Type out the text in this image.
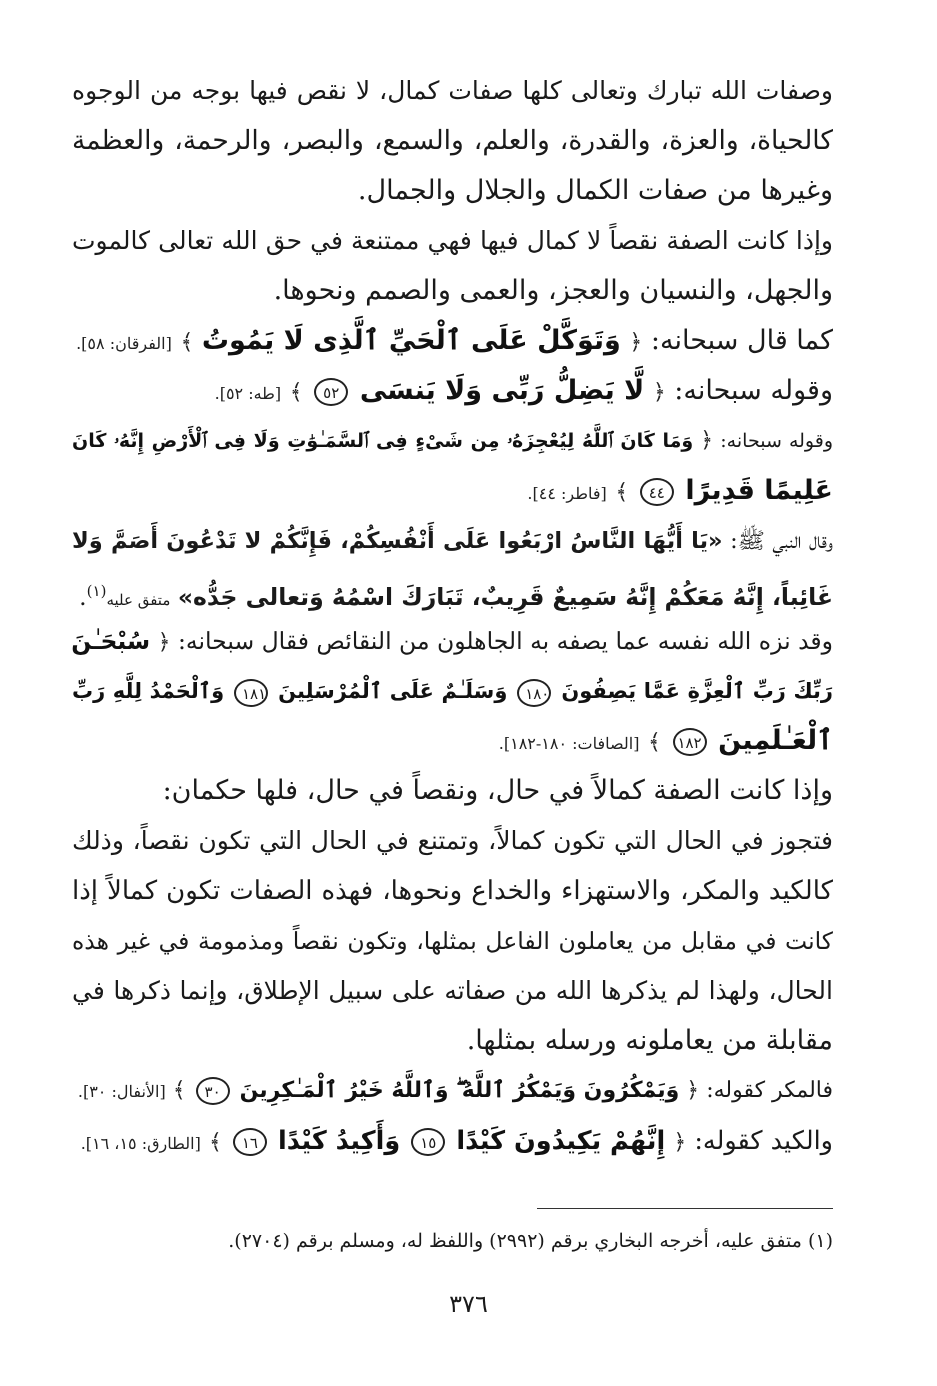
وصفات الله تبارك وتعالى كلها صفات كمال، لا نقص فيها بوجه من الوجوه
كالحياة، والعزة، والقدرة، والعلم، والسمع، والبصر، والرحمة، والعظمة
وغيرها من صفات الكمال والجلال والجمال.
وإذا كانت الصفة نقصاً لا كمال فيها فهي ممتنعة في حق الله تعالى كالموت
والجهل، والنسيان والعجز، والعمى والصمم ونحوها.
كما قال سبحانه: ﴿ وَتَوَكَّلْ عَلَى ٱلْحَيِّ ٱلَّذِى لَا يَمُوتُ ﴾ [الفرقان: ٥٨].
وقوله سبحانه: ﴿ لَّا يَضِلُّ رَبِّى وَلَا يَنسَى ٥٢ ﴾ [طه: ٥٢].
وقوله سبحانه: ﴿ وَمَا كَانَ ٱللَّهُ لِيُعْجِزَهُۥ مِن شَىْءٍ فِى ٱلسَّمَـٰوَٰتِ وَلَا فِى ٱلْأَرْضِ إِنَّهُۥ كَانَ
عَلِيمًا قَدِيرًا ٤٤ ﴾ [فاطر: ٤٤].
وقال النبي ﷺ: «يَا أَيُّهَا النَّاسُ ارْبَعُوا عَلَى أَنْفُسِكُمْ، فَإِنَّكُمْ لا تَدْعُونَ أَصَمَّ وَلا
غَائِباً، إِنَّهُ مَعَكُمْ إِنَّهُ سَمِيعٌ قَرِيبٌ، تَبَارَكَ اسْمُهُ وَتعالى جَدُّه» متفق عليه$^{(١)}$.
وقد نزه الله نفسه عما يصفه به الجاهلون من النقائص فقال سبحانه: ﴿ سُبْحَـٰنَ
رَبِّكَ رَبِّ ٱلْعِزَّةِ عَمَّا يَصِفُونَ ١٨٠ وَسَلَـٰمٌ عَلَى ٱلْمُرْسَلِينَ ١٨١ وَٱلْحَمْدُ لِلَّهِ رَبِّ
ٱلْعَـٰلَمِينَ ١٨٢ ﴾ [الصافات: ١٨٠-١٨٢].
وإذا كانت الصفة كمالاً في حال، ونقصاً في حال، فلها حكمان:
فتجوز في الحال التي تكون كمالاً، وتمتنع في الحال التي تكون نقصاً، وذلك
كالكيد والمكر، والاستهزاء والخداع ونحوها، فهذه الصفات تكون كمالاً إذا
كانت في مقابل من يعاملون الفاعل بمثلها، وتكون نقصاً ومذمومة في غير هذه
الحال، ولهذا لم يذكرها الله من صفاته على سبيل الإطلاق، وإنما ذكرها في
مقابلة من يعاملونه ورسله بمثلها.
فالمكر كقوله: ﴿ وَيَمْكُرُونَ وَيَمْكُرُ ٱللَّهُ ۖ وَٱللَّهُ خَيْرُ ٱلْمَـٰكِرِينَ ٣٠ ﴾ [الأنفال: ٣٠].
والكيد كقوله: ﴿ إِنَّهُمْ يَكِيدُونَ كَيْدًا ١٥ وَأَكِيدُ كَيْدًا ١٦ ﴾ [الطارق: ١٥، ١٦].
(١) متفق عليه، أخرجه البخاري برقم (٢٩٩٢) واللفظ له، ومسلم برقم (٢٧٠٤).
٣٧٦
